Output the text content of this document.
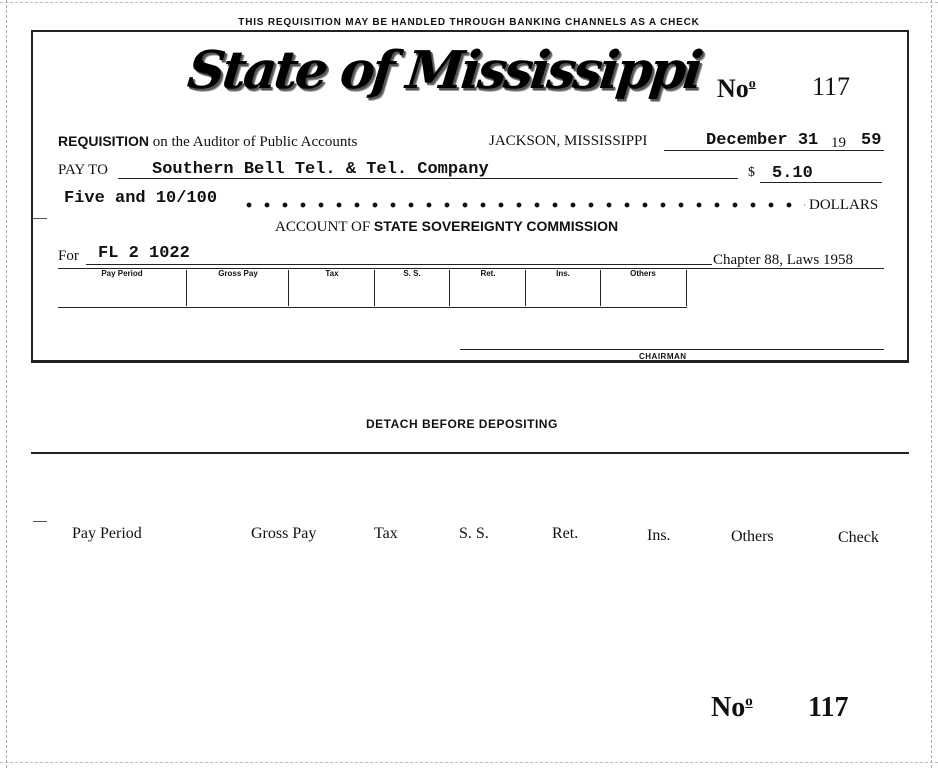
THIS REQUISITION MAY BE HANDLED THROUGH BANKING CHANNELS AS A CHECK
State of Mississippi No$^o$ 117
REQUISITION on the Auditor of Public Accounts	JACKSON, MISSISSIPPI	December 31 19 59
PAY TO	Southern Bell Tel. & Tel. Company	$ 5.10
Five and 10/100	DOLLARS
ACCOUNT OF STATE SOVEREIGNTY COMMISSION
For FL 2 1022	Chapter 88, Laws 1958
Pay Period	Gross Pay	Tax	S. S.	Ret.	Ins.	Others
CHAIRMAN
DETACH BEFORE DEPOSITING
Pay Period	Gross Pay	Tax	S. S.	Ret.	Ins.	Others	Check
No$^o$ 117
